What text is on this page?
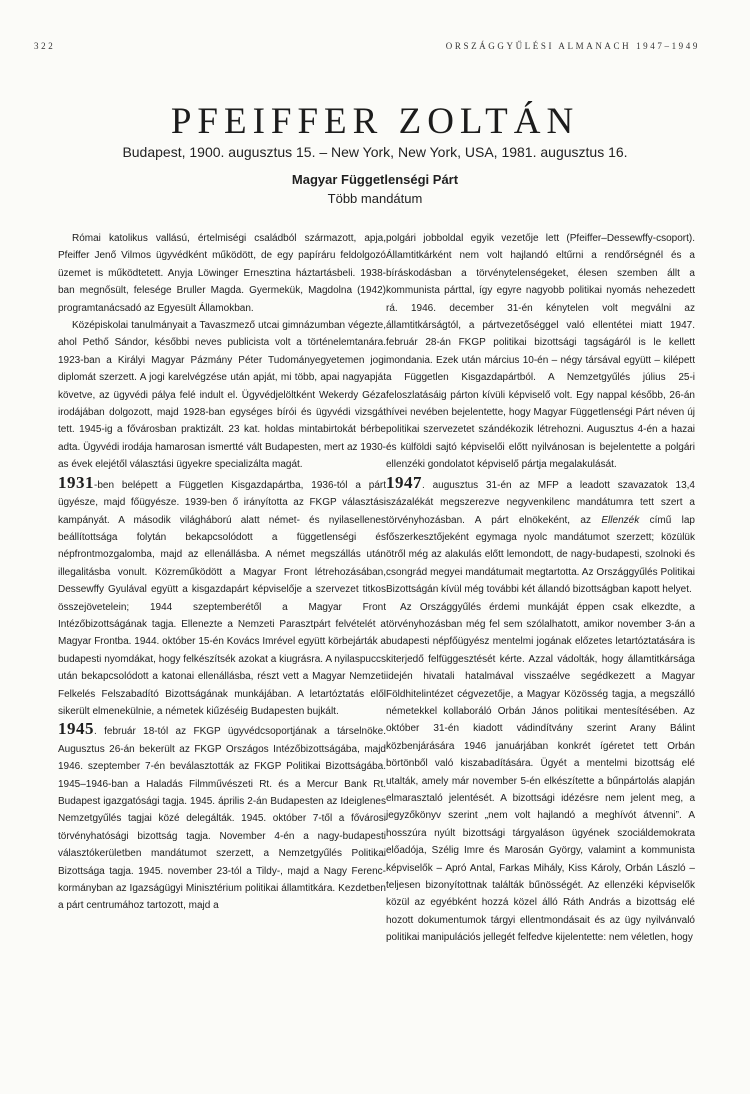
322	ORSZÁGGYŰLÉSI ALMANACH 1947–1949
PFEIFFER ZOLTÁN
Budapest, 1900. augusztus 15. – New York, New York, USA, 1981. augusztus 16.
Magyar Függetlenségi Párt
Több mandátum

Római katolikus vallású, értelmiségi családból származott, apja, Pfeiffer Jenő Vilmos ügyvédként működött, de egy papíráru feldolgozó üzemet is működtetett. Anyja Löwinger Ernesztina háztartásbeli. 1938-ban megnősült, felesége Bruller Magda. Gyermekük, Magdolna (1942) programtanácsadó az Egyesült Államokban.

Középiskolai tanulmányait a Tavaszmező utcai gimnázumban végezte, ahol Pethő Sándor, későbbi neves publicista volt a történelemtanára. 1923-ban a Királyi Magyar Pázmány Péter Tudományegyetemen jogi diplomát szerzett. A jogi karelvégzése után apját, mi több, apai nagyapját követve, az ügyvédi pálya felé indult el. Ügyvédjelöltként Wekerdy Géza irodájában dolgozott, majd 1928-ban egységes bírói és ügyvédi vizsgát tett. 1945-ig a fővárosban praktizált. 23 kat. holdas mintabirtokát bérbe adta. Ügyvédi irodája hamarosan ismertté vált Budapesten, mert az 1930-as évek elejétől választási ügyekre specializálta magát.

1931-ben belépett a Független Kisgazdapártba, 1936-tól a párt ügyésze, majd főügyésze. 1939-ben ő irányította az FKGP választási kampányát. A második világháború alatt német- és nyilasellenes beállítottsága folytán bekapcsolódott a függetlenségi és népfrontmozgalomba, majd az ellenállásba. A német megszállás után illegalitásba vonult. Közreműködött a Magyar Front létrehozásában, Dessewffy Gyulával együtt a kisgazdapárt képviselője a szervezet titkos összejövetelein; 1944 szeptemberétől a Magyar Front Intézőbizottságának tagja. Ellenezte a Nemzeti Parasztpárt felvételét a Magyar Frontba. 1944. október 15-én Kovács Imrével együtt körbejárták a budapesti nyomdákat, hogy felkészítsék azokat a kiugrásra. A nyilaspuccs után bekapcsolódott a katonai ellenállásba, részt vett a Magyar Nemzeti Felkelés Felszabadító Bizottságának munkájában. A letartóztatás elől sikerült elmenekülnie, a németek kiűzéséig Budapesten bujkált.

1945. február 18-tól az FKGP ügyvédcsoportjának a társelnöke. Augusztus 26-án bekerült az FKGP Országos Intézőbizottságába, majd 1946. szeptember 7-én beválasztották az FKGP Politikai Bizottságába. 1945–1946-ban a Haladás Filmművészeti Rt. és a Mercur Bank Rt. Budapest igazgatósági tagja. 1945. április 2-án Budapesten az Ideiglenes Nemzetgyűlés tagjai közé delegálták. 1945. október 7-től a fővárosi törvényhatósági bizottság tagja. November 4-én a nagy-budapesti választókerületben mandátumot szerzett, a Nemzetgyűlés Politikai Bizottsága tagja. 1945. november 23-tól a Tildy-, majd a Nagy Ferenc-kormányban az Igazságügyi Minisztérium politikai államtitkára. Kezdetben a párt centrumához tartozott, majd a

polgári jobboldal egyik vezetője lett (Pfeiffer–Dessewffy-csoport). Államtitkárként nem volt hajlandó eltűrni a rendőrségnél és a bíráskodásban a törvénytelenségeket, élesen szemben állt a kommunista párttal, így egyre nagyobb politikai nyomás nehezedett rá. 1946. december 31-én kénytelen volt megválni az államtitkárságtól, a pártvezetőséggel való ellentétei miatt 1947. február 28-án FKGP politikai bizottsági tagságáról is le kellett mondania. Ezek után március 10-én – négy társával együtt – kilépett a Független Kisgazdapártból. A Nemzetgyűlés július 25-i feloszlatásáig párton kívüli képviselő volt. Egy nappal később, 26-án hívei nevében bejelentette, hogy Magyar Függetlenségi Párt néven új politikai szervezetet szándékozik létrehozni. Augusztus 4-én a hazai és külföldi sajtó képviselői előtt nyilvánosan is bejelentette a polgári ellenzéki gondolatot képviselő pártja megalakulását.

1947. augusztus 31-én az MFP a leadott szavazatok 13,4 százalékát megszerezve negyvenkilenc mandátumra tett szert a törvényhozásban. A párt elnökeként, az Ellenzék című lap főszerkesztőjeként egymaga nyolc mandátumot szerzett; közülük ötről még az alakulás előtt lemondott, de nagy-budapesti, szolnoki és csongrád megyei mandátumait megtartotta. Az Országgyűlés Politikai Bizottságán kívül még további két állandó bizottságban kapott helyet.

Az Országgyűlés érdemi munkáját éppen csak elkezdte, a törvényhozásban még fel sem szólalhatott, amikor november 3-án a budapesti népfőügyész mentelmi jogának előzetes letartóztatására is kiterjedő felfüggesztését kérte. Azzal vádolták, hogy államtitkársága idején hivatali hatalmával visszaélve segédkezett a Magyar Földhitelintézet cégvezetője, a Magyar Közösség tagja, a megszálló németekkel kollaboráló Orbán János politikai mentesítésében. Az október 31-én kiadott vádindítvány szerint Arany Bálint közbenjárására 1946 januárjában konkrét ígéretet tett Orbán börtönből való kiszabadítására. Ügyét a mentelmi bizottság elé utalták, amely már november 5-én elkészítette a bűnpártolás alapján elmarasztaló jelentését. A bizottsági idézésre nem jelent meg, a jegyzőkönyv szerint „nem volt hajlandó a meghívót átvenni”. A hosszúra nyúlt bizottsági tárgyaláson ügyének szociáldemokrata előadója, Szélig Imre és Marosán György, valamint a kommunista képviselők – Apró Antal, Farkas Mihály, Kiss Károly, Orbán László – teljesen bizonyítottnak találták bűnösségét. Az ellenzéki képviselők közül az egyébként hozzá közel álló Ráth András a bizottság elé hozott dokumentumok tárgyi ellentmondásait és az ügy nyilvánvaló politikai manipulációs jellegét felfedve kijelentette: nem véletlen, hogy
